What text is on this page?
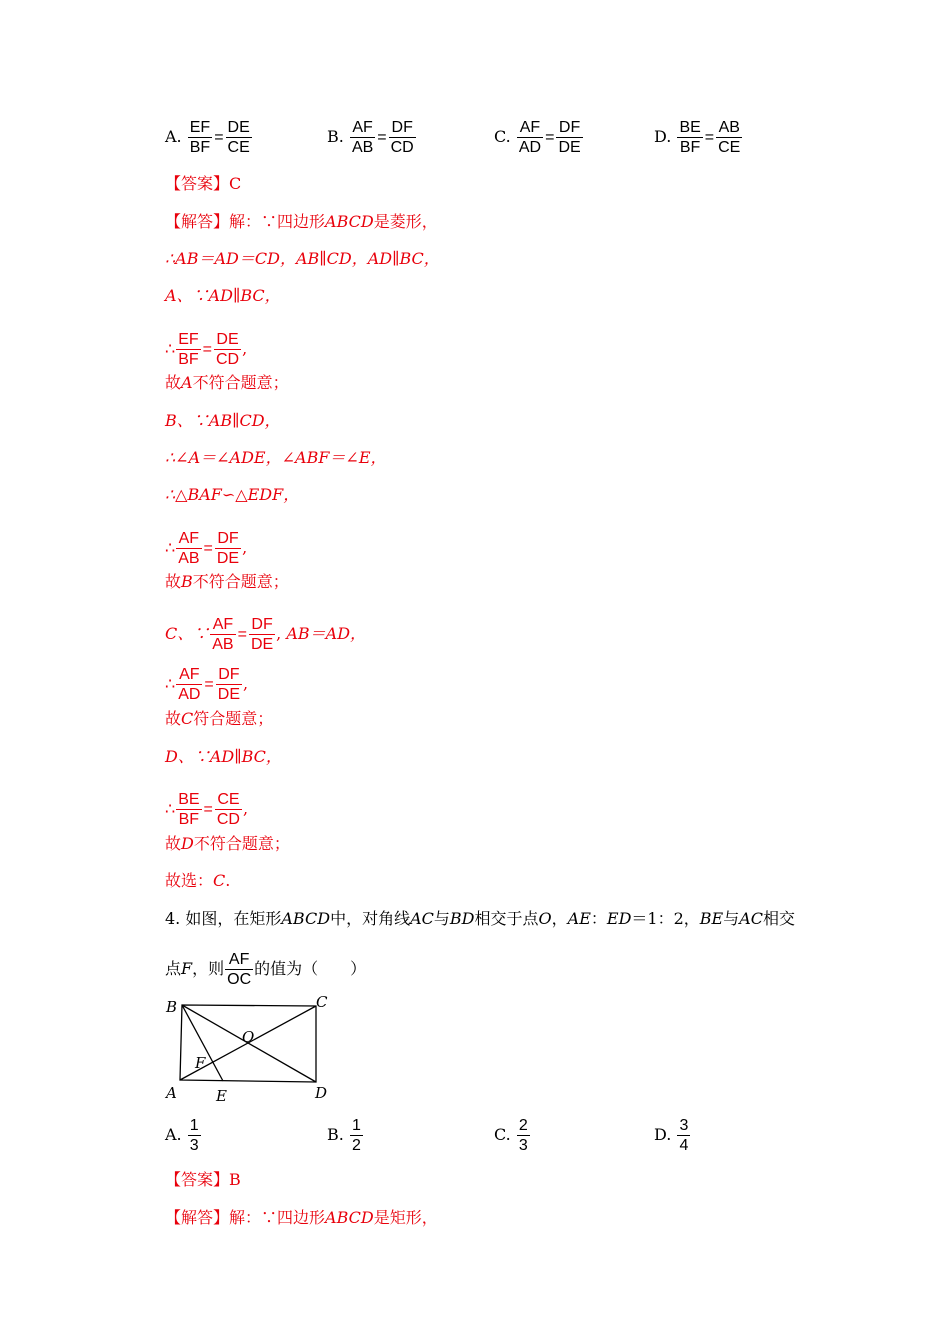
A. $\frac{EF}{BF} = \frac{DE}{CE}$	B. $\frac{AF}{AB} = \frac{DF}{CD}$	C. $\frac{AF}{AD} = \frac{DF}{DE}$	D. $\frac{BE}{BF} = \frac{AB}{CE}$
【答案】C
【解答】解：∵四边形ABCD是菱形，
∴AB＝AD＝CD，AB∥CD，AD∥BC，
A、∵AD∥BC，
∴ $\frac{EF}{BF} = \frac{DE}{CD}$ ,
故A不符合题意；
B、∵AB∥CD，
∴∠A＝∠ADE，∠ABF＝∠E，
∴△BAF∽△EDF，
∴ $\frac{AF}{AB} = \frac{DF}{DE}$ ,
故B不符合题意；
C、∵ $\frac{AF}{AB} = \frac{DF}{DE}$ , AB＝AD，
∴ $\frac{AF}{AD} = \frac{DF}{DE}$ ,
故C符合题意；
D、∵AD∥BC，
∴ $\frac{BE}{BF} = \frac{CE}{CD}$ ,
故D不符合题意；
故选：C.
4. 如图，在矩形ABCD中，对角线AC与BD相交于点O，AE：ED＝1：2，BE与AC相交
点F，则 $\frac{AF}{OC}$ 的值为（　　）
B	C
O
F
A	E	D
A. $\frac{1}{3}$	B. $\frac{1}{2}$	C. $\frac{2}{3}$	D. $\frac{3}{4}$
【答案】B
【解答】解：∵四边形ABCD是矩形，
